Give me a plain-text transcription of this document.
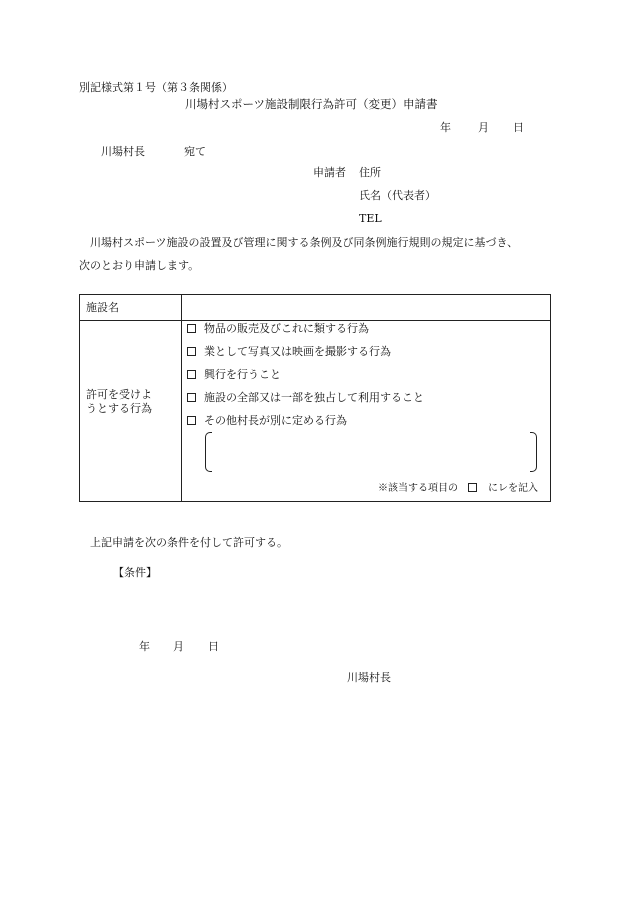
別記様式第１号（第３条関係）
川場村スポーツ施設制限行為許可（変更）申請書
年 月 日
川場村長	宛て
申請者 住所
氏名（代表者）
TEL
川場村スポーツ施設の設置及び管理に関する条例及び同条例施行規則の規定に基づき、
次のとおり申請します。
施設名
許可を受けよ
うとする行為
物品の販売及びこれに類する行為
業として写真又は映画を撮影する行為
興行を行うこと
施設の全部又は一部を独占して利用すること
その他村長が別に定める行為
※該当する項目の	にレを記入
上記申請を次の条件を付して許可する。
【条件】
年 月 日
川場村長
